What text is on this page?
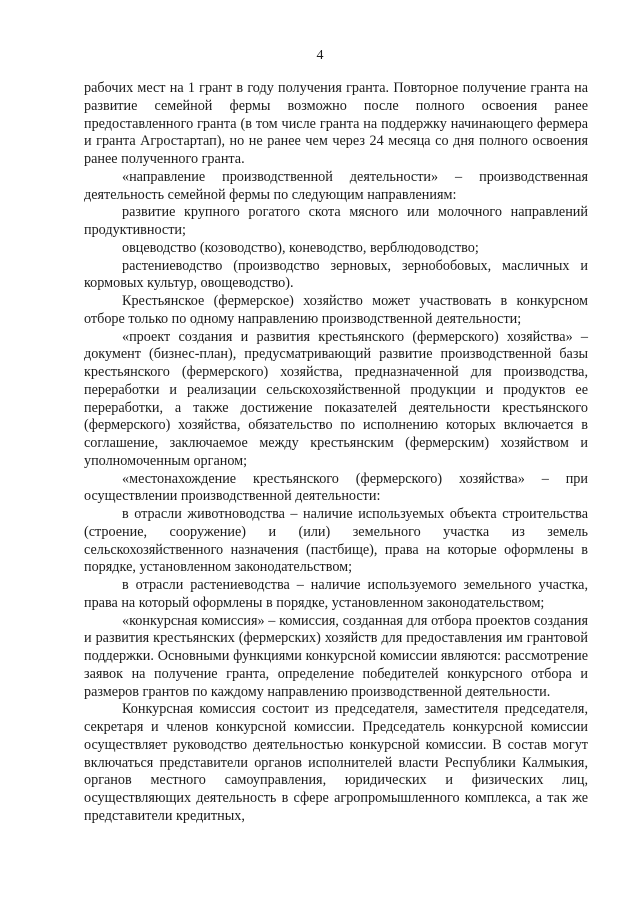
4

рабочих мест на 1 грант в году получения гранта. Повторное получение гранта на развитие семейной фермы возможно после полного освоения ранее предоставленного гранта (в том числе гранта на поддержку начинающего фермера и гранта Агростартап), но не ранее чем через 24 месяца со дня полного освоения ранее полученного гранта.

«направление производственной деятельности» – производственная деятельность семейной фермы по следующим направлениям:

развитие крупного рогатого скота мясного или молочного направлений продуктивности;

овцеводство (козоводство), коневодство, верблюдоводство;

растениеводство (производство зерновых, зернобобовых, масличных и кормовых культур, овощеводство).

Крестьянское (фермерское) хозяйство может участвовать в конкурсном отборе только по одному направлению производственной деятельности;

«проект создания и развития крестьянского (фермерского) хозяйства» – документ (бизнес-план), предусматривающий развитие производственной базы крестьянского (фермерского) хозяйства, предназначенной для производства, переработки и реализации сельскохозяйственной продукции и продуктов ее переработки, а также достижение показателей деятельности крестьянского (фермерского) хозяйства, обязательство по исполнению которых включается в соглашение, заключаемое между крестьянским (фермерским) хозяйством и уполномоченным органом;

«местонахождение крестьянского (фермерского) хозяйства» – при осуществлении производственной деятельности:

в отрасли животноводства – наличие используемых объекта строительства (строение, сооружение) и (или) земельного участка из земель сельскохозяйственного назначения (пастбище), права на которые оформлены в порядке, установленном законодательством;

в отрасли растениеводства – наличие используемого земельного участка, права на который оформлены в порядке, установленном законодательством;

«конкурсная комиссия» – комиссия, созданная для отбора проектов создания и развития крестьянских (фермерских) хозяйств для предоставления им грантовой поддержки. Основными функциями конкурсной комиссии являются: рассмотрение заявок на получение гранта, определение победителей конкурсного отбора и размеров грантов по каждому направлению производственной деятельности.

Конкурсная комиссия состоит из председателя, заместителя председателя, секретаря и членов конкурсной комиссии. Председатель конкурсной комиссии осуществляет руководство деятельностью конкурсной комиссии. В состав могут включаться представители органов исполнителей власти Республики Калмыкия, органов местного самоуправления, юридических и физических лиц, осуществляющих деятельность в сфере агропромышленного комплекса, а так же представители кредитных,
